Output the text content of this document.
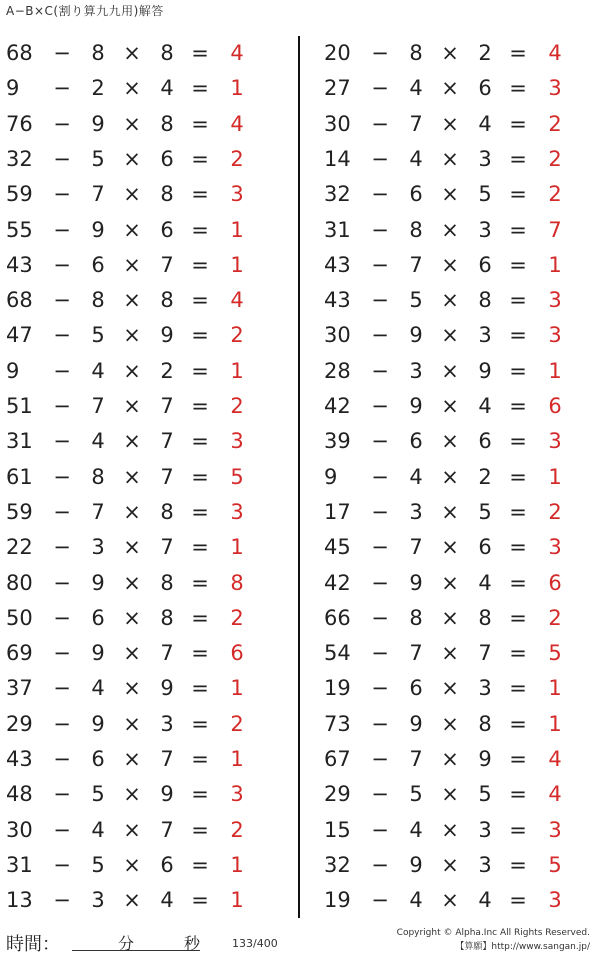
A−B×C(割り算九九用)解答
68 − 8 × 8 =	4
9	− 2 × 4 =	1
76 − 9 × 8 =	4
32 − 5 × 6 =	2
59 − 7 × 8 =	3
55 − 9 × 6 =	1
43 − 6 × 7 =	1
68 − 8 × 8 =	4
47 − 5 × 9 =	2
9	− 4 × 2 =	1
51 − 7 × 7 =	2
31 − 4 × 7 =	3
61 − 8 × 7 =	5
59 − 7 × 8 =	3
22 − 3 × 7 =	1
80 − 9 × 8 =	8
50 − 6 × 8 =	2
69 − 9 × 7 =	6
37 − 4 × 9 =	1
29 − 9 × 3 =	2
43 − 6 × 7 =	1
48 − 5 × 9 =	3
30 − 4 × 7 =	2
31 − 5 × 6 =	1
13 − 3 × 4 =	1
20 − 8 × 2 =	4
27 − 4 × 6 =	3
30 − 7 × 4 =	2
14 − 4 × 3 =	2
32 − 6 × 5 =	2
31 − 8 × 3 =	7
43 − 7 × 6 =	1
43 − 5 × 8 =	3
30 − 9 × 3 =	3
28 − 3 × 9 =	1
42 − 9 × 4 =	6
39 − 6 × 6 =	3
9	− 4 × 2 =	1
17 − 3 × 5 =	2
45 − 7 × 6 =	3
42 − 9 × 4 =	6
66 − 8 × 8 =	2
54 − 7 × 7 =	5
19 − 6 × 3 =	1
73 − 9 × 8 =	1
67 − 7 × 9 =	4
29 − 5 × 5 =	4
15 − 4 × 3 =	3
32 − 9 × 3 =	5
19 − 4 × 4 =	3
時間：	分	秒	133/400
Copyright © Alpha.Inc All Rights Reserved.
【算願】http://www.sangan.jp/
